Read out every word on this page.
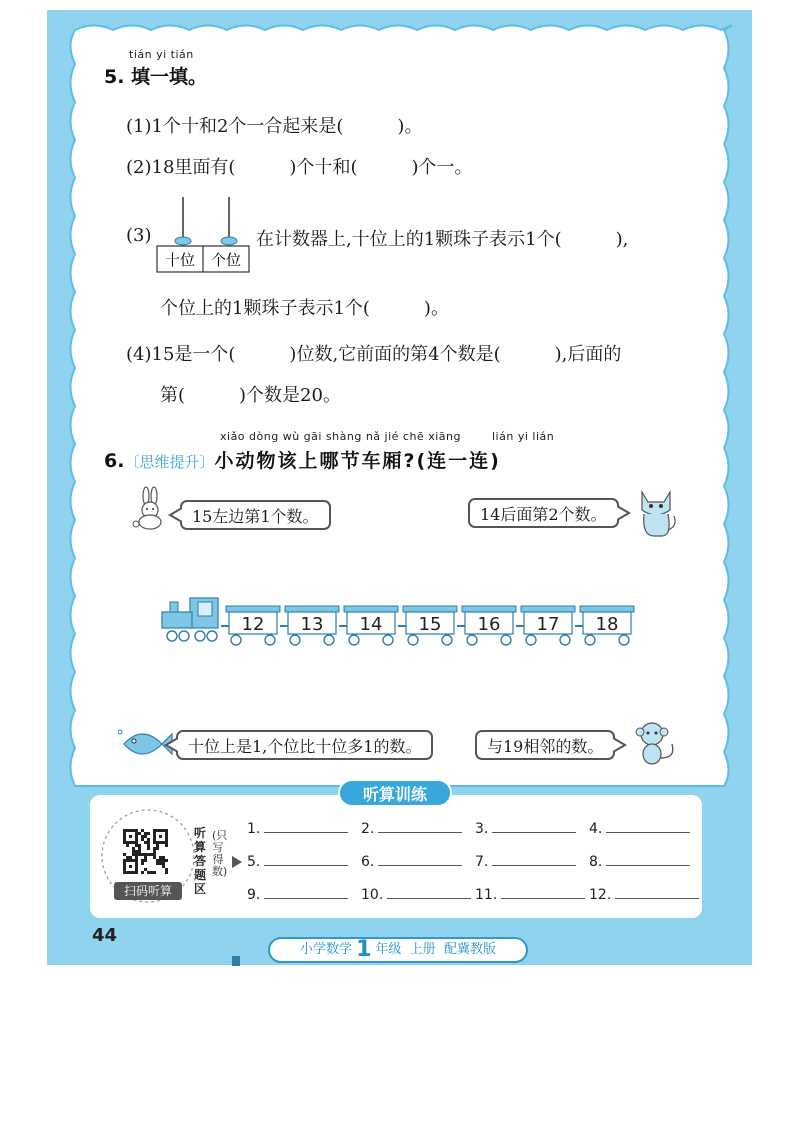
tián yi tián
5. 填一填。
(1)1个十和2个一合起来是(　　　)。
(2)18里面有(　　　)个十和(　　　)个一。
(3)
十位 个位
在计数器上,十位上的1颗珠子表示1个(　　　),
个位上的1颗珠子表示1个(　　　)。
(4)15是一个(　　　)位数,它前面的第4个数是(　　　),后面的
第(　　　)个数是20。
xiǎo dòng wù gāi shàng nǎ jié chē xiāng	lián yi lián
6.〔思维提升〕小动物该上哪节车厢?(连一连)
15左边第1个数。	14后面第2个数。
12 13 14 15 16 17 18
十位上是1,个位比十位多1的数。	与19相邻的数。
听算训练
扫码听算
听算答题区
(只写得数)
1.	2.	3.	4.
5.	6.	7.	8.
9.	10.	11.	12.
44
小学数学 1 年级 上册 配冀教版
